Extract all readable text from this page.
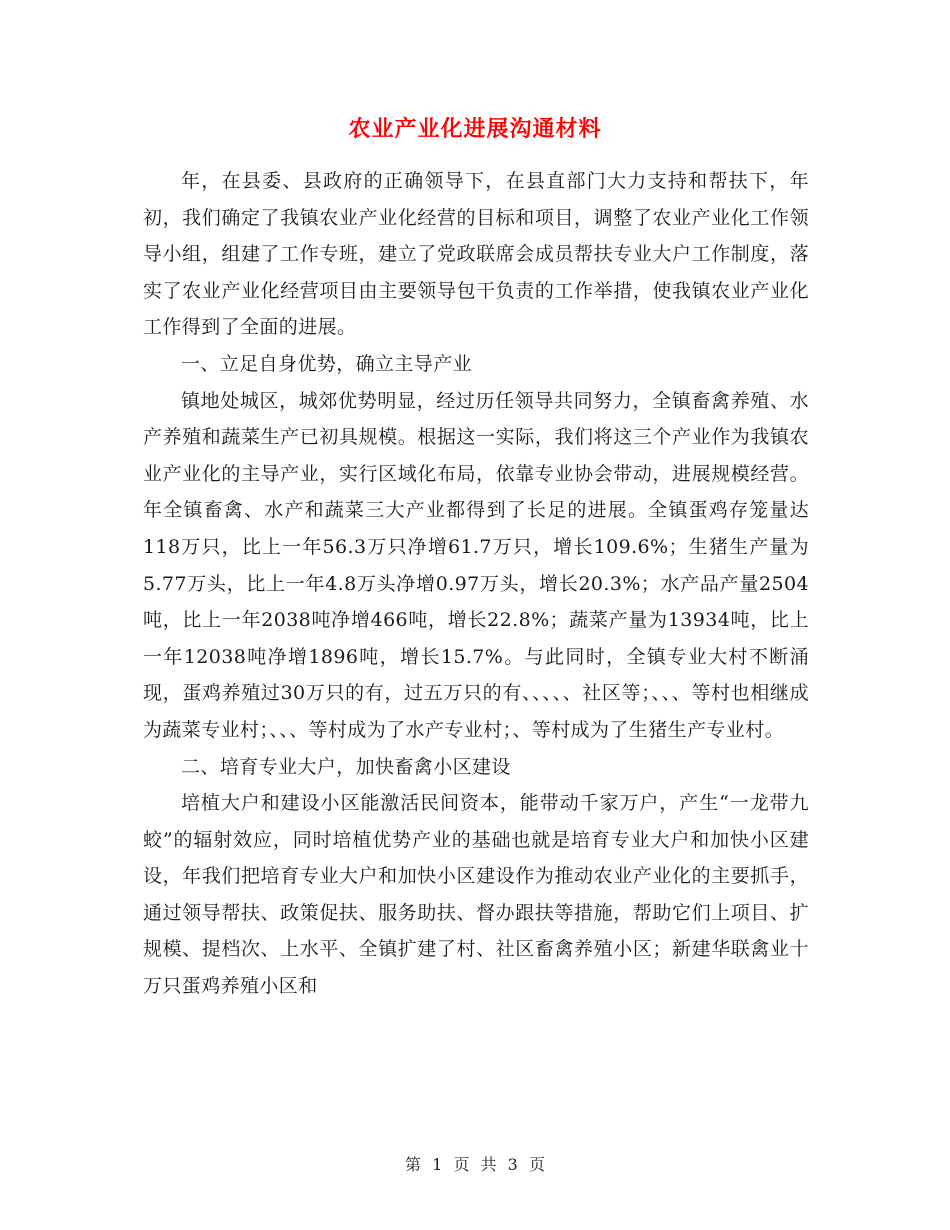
农业产业化进展沟通材料

年，在县委、县政府的正确领导下，在县直部门大力支持和帮扶下，年初，我们确定了我镇农业产业化经营的目标和项目，调整了农业产业化工作领导小组，组建了工作专班，建立了党政联席会成员帮扶专业大户工作制度，落实了农业产业化经营项目由主要领导包干负责的工作举措，使我镇农业产业化工作得到了全面的进展。

一、立足自身优势，确立主导产业

镇地处城区，城郊优势明显，经过历任领导共同努力，全镇畜禽养殖、水产养殖和蔬菜生产已初具规模。根据这一实际，我们将这三个产业作为我镇农业产业化的主导产业，实行区域化布局，依靠专业协会带动，进展规模经营。年全镇畜禽、水产和蔬菜三大产业都得到了长足的进展。全镇蛋鸡存笼量达118万只，比上一年56.3万只净增61.7万只，增长109.6%；生猪生产量为5.77万头，比上一年4.8万头净增0.97万头，增长20.3%；水产品产量2504吨，比上一年2038吨净增466吨，增长22.8%；蔬菜产量为13934吨，比上一年12038吨净增1896吨，增长15.7%。与此同时，全镇专业大村不断涌现，蛋鸡养殖过30万只的有，过五万只的有、、、、、社区等；、、、等村也相继成为蔬菜专业村；、、、等村成为了水产专业村；、等村成为了生猪生产专业村。

二、培育专业大户，加快畜禽小区建设

培植大户和建设小区能激活民间资本，能带动千家万户，产生“一龙带九蛟”的辐射效应，同时培植优势产业的基础也就是培育专业大户和加快小区建设，年我们把培育专业大户和加快小区建设作为推动农业产业化的主要抓手，通过领导帮扶、政策促扶、服务助扶、督办跟扶等措施，帮助它们上项目、扩规模、提档次、上水平、全镇扩建了村、社区畜禽养殖小区；新建华联禽业十万只蛋鸡养殖小区和

第 1 页 共 3 页
